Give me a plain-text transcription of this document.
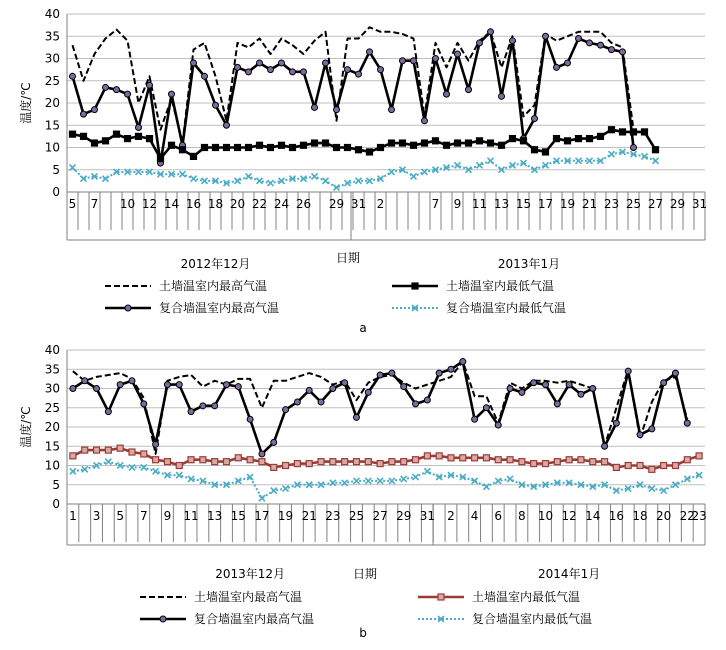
0
5
10
15
20
25
30
35
40
5 7 10 12 14 16 18 20 22 24 26 29 31 2	7 9 11 13 15 17 19 21 23 25 27 29 31
2012年12月	2013年1月
温度/℃
日期
土墙温室内最高气温
复合墙温室内最高气温
土墙温室内最低气温
复合墙温室内最低气温
a
0
5
10
15
20
25
30
35
40
1 3 5 7 9 11 13 15 17 19 21 23 25 27 29 31 2 4 6 8 10 12 14 16 18 20 22
23
2013年12月	2014年1月
温度/℃
日期
土墙温室内最高气温
复合墙温室内最高气温
土墙温室内最低气温
复合墙温室内最低气温
b
